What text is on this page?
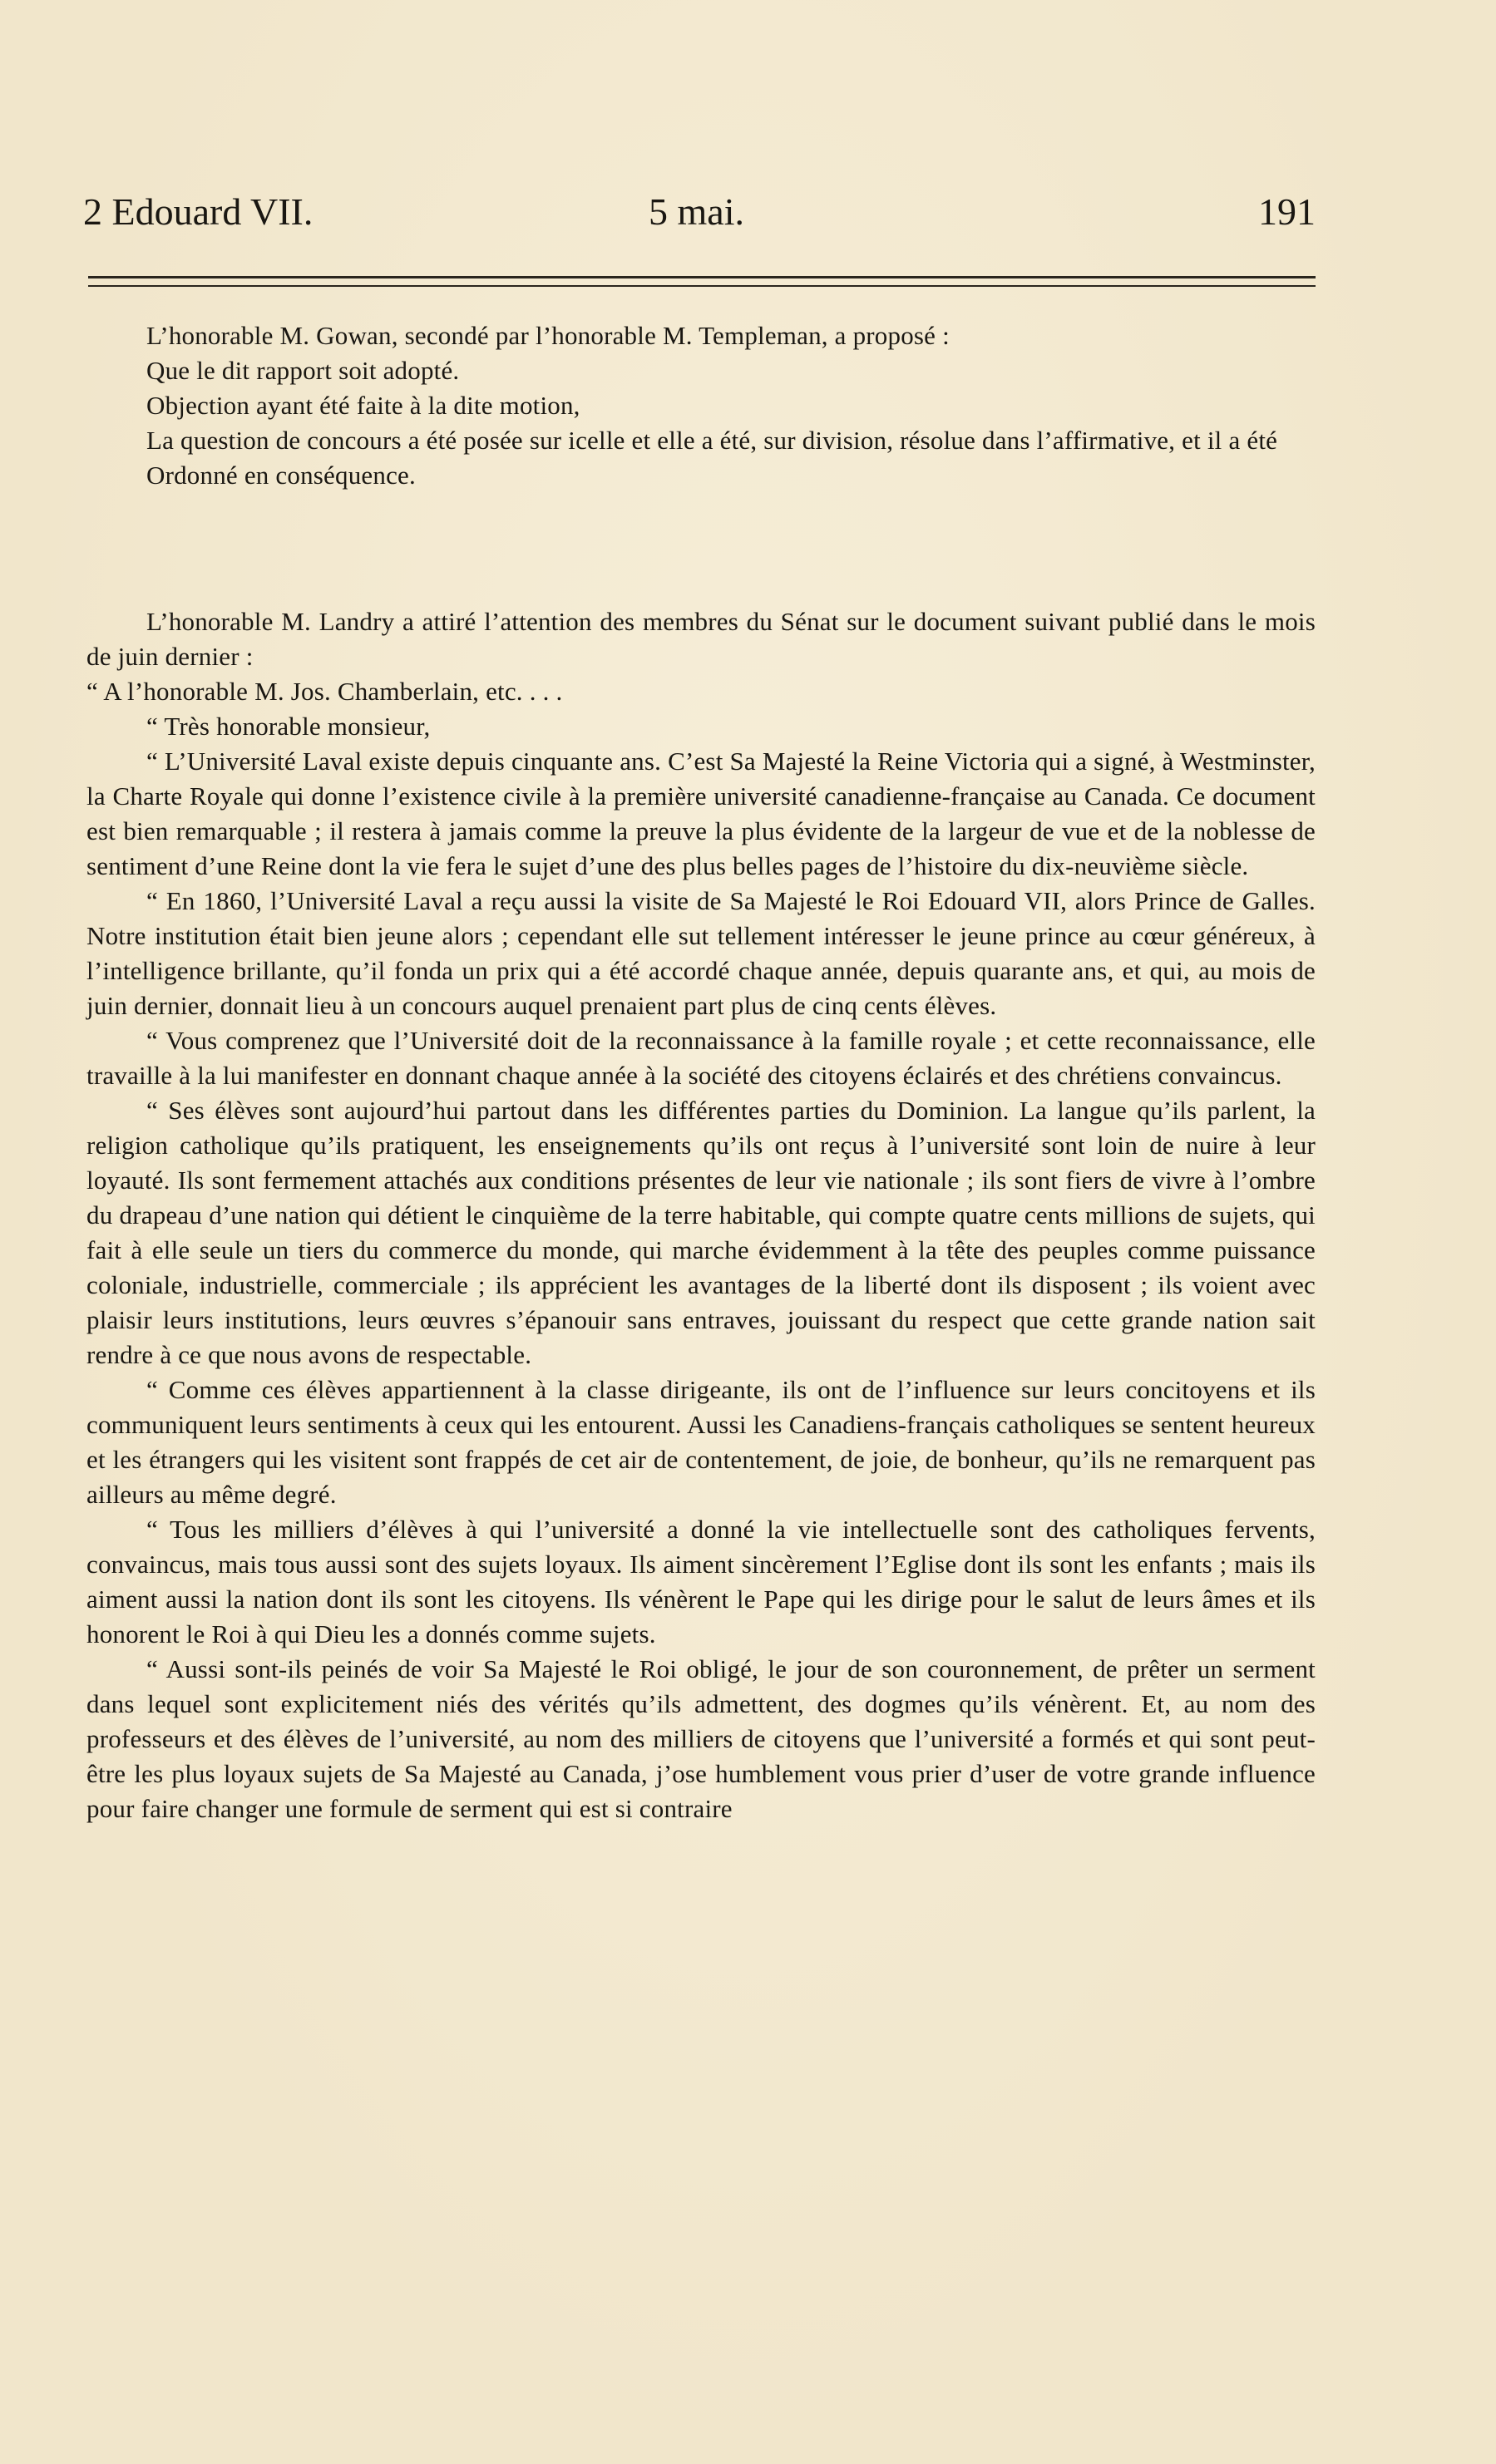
2 Edouard VII.	5 mai.	191

L’honorable M. Gowan, secondé par l’honorable M. Templeman, a proposé :

Que le dit rapport soit adopté.

Objection ayant été faite à la dite motion,

La question de concours a été posée sur icelle et elle a été, sur division, résolue dans l’affirmative, et il a été

Ordonné en conséquence.

L’honorable M. Landry a attiré l’attention des membres du Sénat sur le document suivant publié dans le mois de juin dernier :

“ A l’honorable M. Jos. Chamberlain, etc. . . .

“ Très honorable monsieur,

“ L’Université Laval existe depuis cinquante ans. C’est Sa Majesté la Reine Victoria qui a signé, à Westminster, la Charte Royale qui donne l’existence civile à la première université canadienne-française au Canada. Ce document est bien remarquable ; il restera à jamais comme la preuve la plus évidente de la largeur de vue et de la noblesse de sentiment d’une Reine dont la vie fera le sujet d’une des plus belles pages de l’histoire du dix-neuvième siècle.

“ En 1860, l’Université Laval a reçu aussi la visite de Sa Majesté le Roi Edouard VII, alors Prince de Galles. Notre institution était bien jeune alors ; cependant elle sut tellement intéresser le jeune prince au cœur généreux, à l’intelligence brillante, qu’il fonda un prix qui a été accordé chaque année, depuis quarante ans, et qui, au mois de juin dernier, donnait lieu à un concours auquel prenaient part plus de cinq cents élèves.

“ Vous comprenez que l’Université doit de la reconnaissance à la famille royale ; et cette reconnaissance, elle travaille à la lui manifester en donnant chaque année à la société des citoyens éclairés et des chrétiens convaincus.

“ Ses élèves sont aujourd’hui partout dans les différentes parties du Dominion. La langue qu’ils parlent, la religion catholique qu’ils pratiquent, les enseignements qu’ils ont reçus à l’université sont loin de nuire à leur loyauté. Ils sont fermement attachés aux conditions présentes de leur vie nationale ; ils sont fiers de vivre à l’ombre du drapeau d’une nation qui détient le cinquième de la terre habitable, qui compte quatre cents millions de sujets, qui fait à elle seule un tiers du commerce du monde, qui marche évidemment à la tête des peuples comme puissance coloniale, industrielle, commerciale ; ils apprécient les avantages de la liberté dont ils disposent ; ils voient avec plaisir leurs institutions, leurs œuvres s’épanouir sans entraves, jouissant du respect que cette grande nation sait rendre à ce que nous avons de respectable.

“ Comme ces élèves appartiennent à la classe dirigeante, ils ont de l’influence sur leurs concitoyens et ils communiquent leurs sentiments à ceux qui les entourent. Aussi les Canadiens-français catholiques se sentent heureux et les étrangers qui les visitent sont frappés de cet air de contentement, de joie, de bonheur, qu’ils ne remarquent pas ailleurs au même degré.

“ Tous les milliers d’élèves à qui l’université a donné la vie intellectuelle sont des catholiques fervents, convaincus, mais tous aussi sont des sujets loyaux. Ils aiment sincèrement l’Eglise dont ils sont les enfants ; mais ils aiment aussi la nation dont ils sont les citoyens. Ils vénèrent le Pape qui les dirige pour le salut de leurs âmes et ils honorent le Roi à qui Dieu les a donnés comme sujets.

“ Aussi sont-ils peinés de voir Sa Majesté le Roi obligé, le jour de son couronnement, de prêter un serment dans lequel sont explicitement niés des vérités qu’ils admettent, des dogmes qu’ils vénèrent. Et, au nom des professeurs et des élèves de l’université, au nom des milliers de citoyens que l’université a formés et qui sont peut-être les plus loyaux sujets de Sa Majesté au Canada, j’ose humblement vous prier d’user de votre grande influence pour faire changer une formule de serment qui est si contraire
